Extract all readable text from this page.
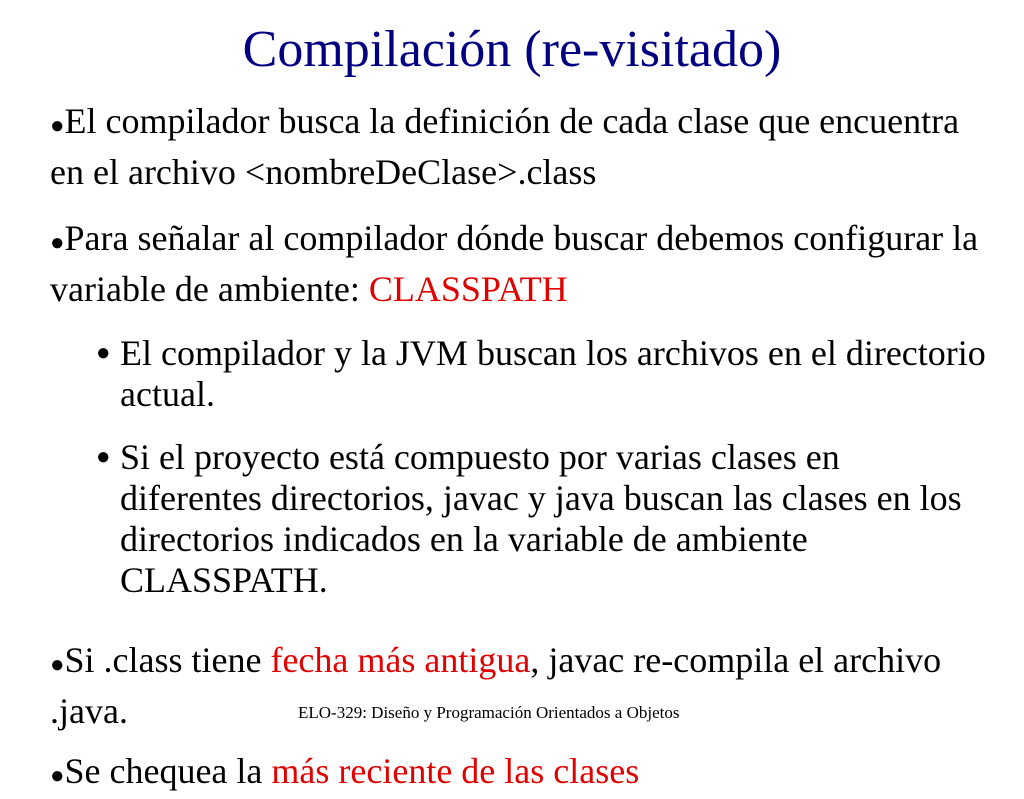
Compilación (re-visitado)
●El compilador busca la definición de cada clase que encuentra en el archivo <nombreDeClase>.class
●Para señalar al compilador dónde buscar debemos configurar la variable de ambiente: CLASSPATH
● El compilador y la JVM buscan los archivos en el directorio actual.
● Si el proyecto está compuesto por varias clases en diferentes directorios, javac y java buscan las clases en los directorios indicados en la variable de ambiente CLASSPATH.
●Si .class tiene fecha más antigua, javac re-compila el archivo .java.	ELO-329: Diseño y Programación Orientados a Objetos
●Se chequea la más reciente de las clases
